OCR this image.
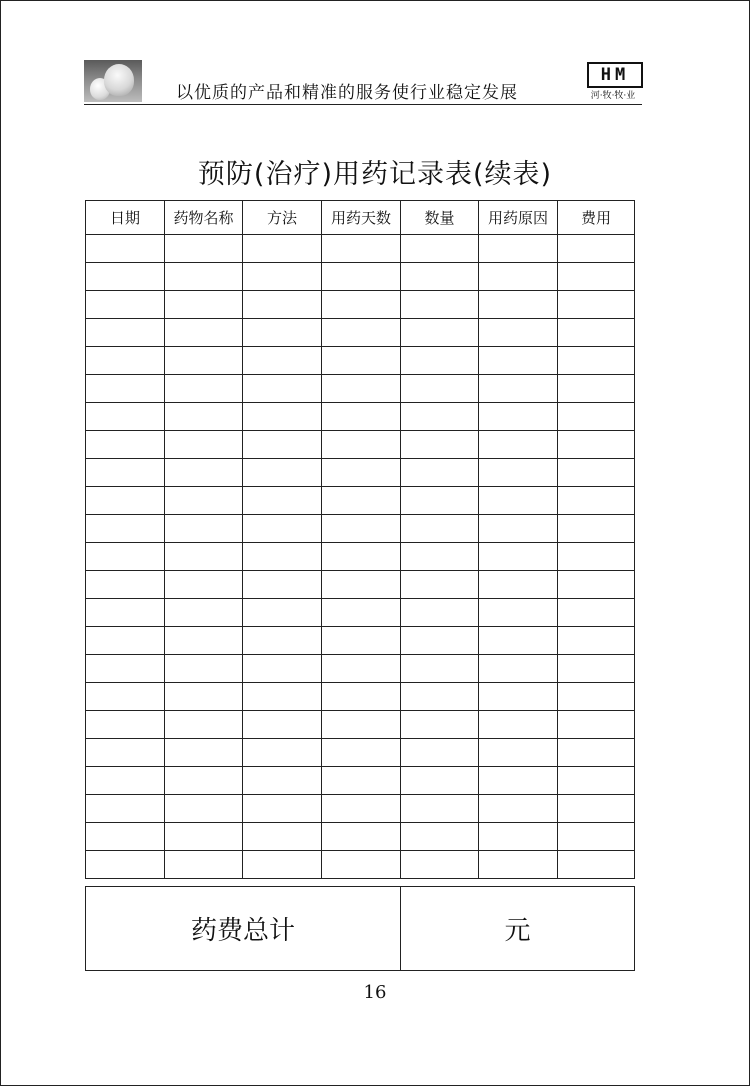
以优质的产品和精准的服务使行业稳定发展
HM
河·牧·牧·业
预防(治疗)用药记录表(续表)
日期	药物名称	方法	用药天数	数量	用药原因	费用

药费总计	元
16
